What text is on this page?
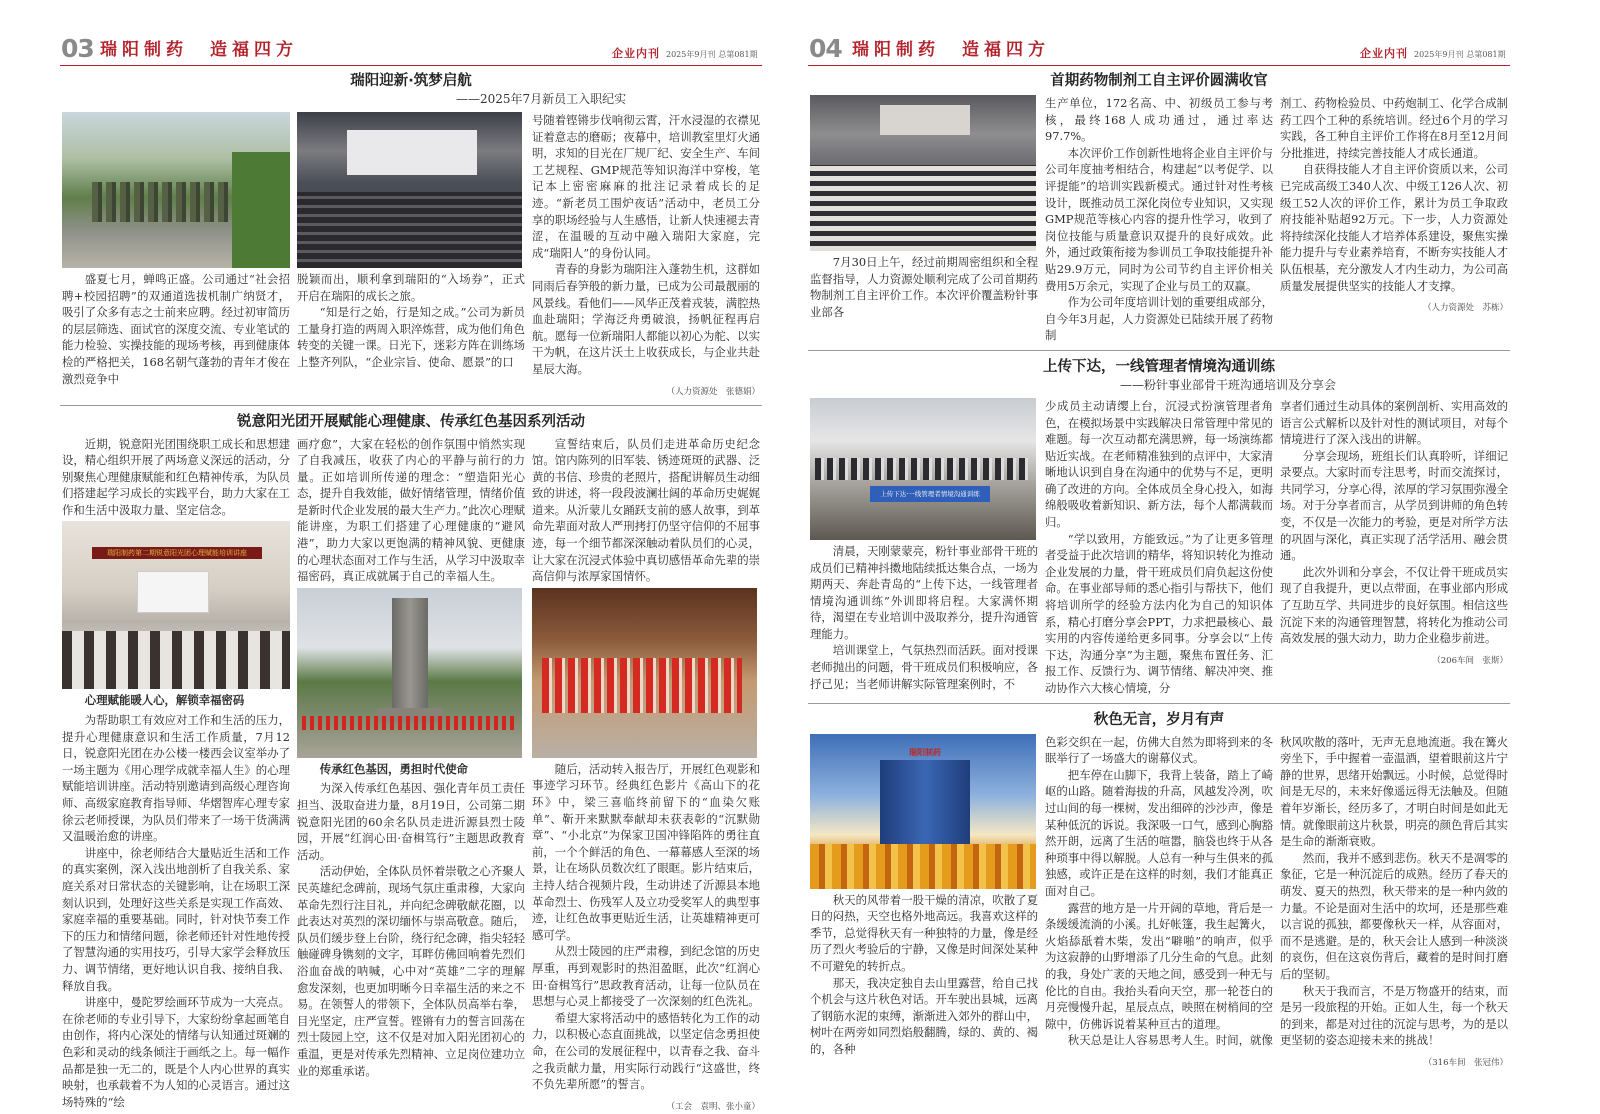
03 瑞阳制药　造福四方	企业内刊 2025年9月刊 总第081期
瑞阳迎新·筑梦启航
——2025年7月新员工入职纪实

盛夏七月，蝉鸣正盛。公司通过“社会招聘+校园招聘”的双通道选拔机制广纳贤才，吸引了众多有志之士前来应聘。经过初审简历的层层筛选、面试官的深度交流、专业笔试的能力检验、实操技能的现场考核，再到健康体检的严格把关，168名朝气蓬勃的青年才俊在激烈竞争中

脱颖而出，顺利拿到瑞阳的“入场券”，正式开启在瑞阳的成长之旅。

“知是行之始，行是知之成。”公司为新员工量身打造的两周入职淬炼营，成为他们角色转变的关键一课。日光下，迷彩方阵在训练场上整齐列队，“企业宗旨、使命、愿景”的口

号随着铿锵步伐响彻云霄，汗水浸湿的衣襟见证着意志的磨砺；夜幕中，培训教室里灯火通明，求知的目光在厂规厂纪、安全生产、车间工艺规程、GMP规范等知识海洋中穿梭，笔记本上密密麻麻的批注记录着成长的足迹。“新老员工围炉夜话”活动中，老员工分享的职场经验与人生感悟，让新人快速褪去青涩，在温暖的互动中融入瑞阳大家庭，完成“瑞阳人”的身份认同。

青春的身影为瑞阳注入蓬勃生机，这群如同雨后春笋般的新力量，已成为公司最靓丽的风景线。看他们——风华正茂着戎装，满腔热血赴瑞阳；学海泛舟勇破浪，扬帆征程再启航。愿每一位新瑞阳人都能以初心为舵、以实干为帆，在这片沃土上收获成长，与企业共赴星辰大海。

（人力资源处　张德娟）
锐意阳光团开展赋能心理健康、传承红色基因系列活动

近期，锐意阳光团围绕职工成长和思想建设，精心组织开展了两场意义深远的活动，分别聚焦心理健康赋能和红色精神传承，为队员们搭建起学习成长的实践平台，助力大家在工作和生活中汲取力量、坚定信念。

瑞阳制药第二期锐意阳光团心理赋能培训讲座
心理赋能暖人心，解锁幸福密码

为帮助职工有效应对工作和生活的压力，提升心理健康意识和生活工作质量，7月12日，锐意阳光团在办公楼一楼西会议室举办了一场主题为《用心理学成就幸福人生》的心理赋能培训讲座。活动特别邀请到高级心理咨询师、高级家庭教育指导师、华熠智库心理专家徐云老师授课，为队员们带来了一场干货满满又温暖治愈的讲座。

讲座中，徐老师结合大量贴近生活和工作的真实案例，深入浅出地剖析了自我关系、家庭关系对日常状态的关键影响，让在场职工深刻认识到，处理好这些关系是实现工作高效、家庭幸福的重要基础。同时，针对快节奏工作下的压力和情绪问题，徐老师还针对性地传授了智慧沟通的实用技巧，引导大家学会释放压力、调节情绪，更好地认识自我、接纳自我、释放自我。

讲座中，曼陀罗绘画环节成为一大亮点。在徐老师的专业引导下，大家纷纷拿起画笔自由创作，将内心深处的情绪与认知通过斑斓的色彩和灵动的线条倾注于画纸之上。每一幅作品都是独一无二的，既是个人内心世界的真实映射，也承载着不为人知的心灵语言。通过这场特殊的“绘

画疗愈”，大家在轻松的创作氛围中悄然实现了自我减压，收获了内心的平静与前行的力量。正如培训所传递的理念：“塑造阳光心态，提升自我效能，做好情绪管理，情绪价值是新时代企业发展的最大生产力。”此次心理赋能讲座，为职工们搭建了心理健康的“避风港”，助力大家以更饱满的精神风貌、更健康的心理状态面对工作与生活，从学习中汲取幸福密码，真正成就属于自己的幸福人生。

传承红色基因，勇担时代使命

为深入传承红色基因、强化青年员工责任担当、汲取奋进力量，8月19日，公司第二期锐意阳光团的60余名队员走进沂源县烈士陵园，开展“红润心田·奋楫笃行”主题思政教育活动。

活动伊始，全体队员怀着崇敬之心齐聚人民英雄纪念碑前，现场气氛庄重肃穆，大家向革命先烈行注目礼，并向纪念碑敬献花圈，以此表达对英烈的深切缅怀与崇高敬意。随后，队员们缓步登上台阶，绕行纪念碑，指尖轻轻触碰碑身镌刻的文字，耳畔仿佛回响着先烈们浴血奋战的呐喊，心中对“英雄”二字的理解愈发深刻，也更加明晰今日幸福生活的来之不易。在领誓人的带领下，全体队员高举右拳，目光坚定，庄严宣誓。铿锵有力的誓言回荡在烈士陵园上空，这不仅是对加入阳光团初心的重温，更是对传承先烈精神、立足岗位建功立业的郑重承诺。

宣誓结束后，队员们走进革命历史纪念馆。馆内陈列的旧军装、锈迹斑斑的武器、泛黄的书信、珍贵的老照片，搭配讲解员生动细致的讲述，将一段段波澜壮阔的革命历史娓娓道来。从沂蒙儿女踊跃支前的感人故事，到革命先辈面对敌人严刑拷打仍坚守信仰的不屈事迹，每一个细节都深深触动着队员们的心灵，让大家在沉浸式体验中真切感悟革命先辈的崇高信仰与浓厚家国情怀。

随后，活动转入报告厅，开展红色观影和事迹学习环节。经典红色影片《高山下的花环》中，梁三喜临终前留下的“血染欠账单”、靳开来默默奉献却未获表彰的“沉默勋章”、“小北京”为保家卫国冲锋陷阵的勇往直前，一个个鲜活的角色、一幕幕感人至深的场景，让在场队员数次红了眼眶。影片结束后，主持人结合视频片段，生动讲述了沂源县本地革命烈士、伤残军人及立功受奖军人的典型事迹，让红色故事更贴近生活，让英雄精神更可感可学。

从烈士陵园的庄严肃穆，到纪念馆的历史厚重，再到观影时的热泪盈眶，此次“红润心田·奋楫笃行”思政教育活动，让每一位队员在思想与心灵上都接受了一次深刻的红色洗礼。

希望大家将活动中的感悟转化为工作的动力，以积极心态直面挑战，以坚定信念勇担使命，在公司的发展征程中，以青春之我、奋斗之我贡献力量，用实际行动践行“这盛世，终不负先辈所愿”的誓言。

（工会　袁明、张小童）
04 瑞阳制药　造福四方	企业内刊 2025年9月刊 总第081期
首期药物制剂工自主评价圆满收官

7月30日上午，经过前期周密组织和全程监督指导，人力资源处顺利完成了公司首期药物制剂工自主评价工作。本次评价覆盖粉针事业部各

生产单位，172名高、中、初级员工参与考核，最终168人成功通过，通过率达97.7%。

本次评价工作创新性地将企业自主评价与公司年度抽考相结合，构建起“以考促学、以评提能”的培训实践新模式。通过针对性考核设计，既推动员工深化岗位专业知识，又实现GMP规范等核心内容的提升性学习，收到了岗位技能与质量意识双提升的良好成效。此外，通过政策衔接为参训员工争取技能提升补贴29.9万元，同时为公司节约自主评价相关费用5万余元，实现了企业与员工的双赢。

作为公司年度培训计划的重要组成部分，自今年3月起，人力资源处已陆续开展了药物制

剂工、药物检验员、中药炮制工、化学合成制药工四个工种的系统培训。经过6个月的学习实践，各工种自主评价工作将在8月至12月间分批推进，持续完善技能人才成长通道。

自获得技能人才自主评价资质以来，公司已完成高级工340人次、中级工126人次、初级工52人次的评价工作，累计为员工争取政府技能补贴超92万元。下一步，人力资源处将持续深化技能人才培养体系建设，聚焦实操能力提升与专业素养培育，不断夯实技能人才队伍根基，充分激发人才内生动力，为公司高质量发展提供坚实的技能人才支撑。

（人力资源处　苏栋）
上传下达，一线管理者情境沟通训练
——粉针事业部骨干班沟通培训及分享会
上传下达·一线管理者情境沟通训练

清晨，天刚蒙蒙亮，粉针事业部骨干班的成员们已精神抖擞地陆续抵达集合点，一场为期两天、奔赴青岛的“上传下达，一线管理者情境沟通训练”外训即将启程。大家满怀期待，渴望在专业培训中汲取养分，提升沟通管理能力。

培训课堂上，气氛热烈而活跃。面对授课老师抛出的问题，骨干班成员们积极响应，各抒己见；当老师讲解实际管理案例时，不

少成员主动请缨上台，沉浸式扮演管理者角色，在模拟场景中实践解决日常管理中常见的难题。每一次互动都充满思辨，每一场演练都贴近实战。在老师精准独到的点评中，大家清晰地认识到自身在沟通中的优势与不足，更明确了改进的方向。全体成员全身心投入，如海绵般吸收着新知识、新方法，每个人都满载而归。

“学以致用，方能致远。”为了让更多管理者受益于此次培训的精华，将知识转化为推动企业发展的力量，骨干班成员们肩负起这份使命。在事业部导师的悉心指引与帮扶下，他们将培训所学的经验方法内化为自己的知识体系，精心打磨分享会PPT，力求把最核心、最实用的内容传递给更多同事。分享会以“上传下达，沟通分享”为主题，聚焦布置任务、汇报工作、反馈行为、调节情绪、解决冲突、推动协作六大核心情境，分

享者们通过生动具体的案例剖析、实用高效的语言公式解析以及针对性的测试项目，对每个情境进行了深入浅出的讲解。

分享会现场，班组长们认真聆听，详细记录要点。大家时而专注思考，时而交流探讨，共同学习，分享心得，浓厚的学习氛围弥漫全场。对于分享者而言，从学员到讲师的角色转变，不仅是一次能力的考验，更是对所学方法的巩固与深化，真正实现了活学活用、融会贯通。

此次外训和分享会，不仅让骨干班成员实现了自我提升，更以点带面，在事业部内形成了互助互学、共同进步的良好氛围。相信这些沉淀下来的沟通管理智慧，将转化为推动公司高效发展的强大动力，助力企业稳步前进。

（206车间　张斯）
秋色无言，岁月有声
瑞阳制药

秋天的风带着一股干燥的清凉，吹散了夏日的闷热，天空也格外地高远。我喜欢这样的季节，总觉得秋天有一种独特的力量，像是经历了烈火考验后的宁静，又像是时间深处某种不可避免的转折点。

那天，我决定独自去山里露营，给自己找个机会与这片秋色对话。开车驶出县城，远离了钢筋水泥的束缚，渐渐进入郊外的群山中，树叶在两旁如同烈焰般翻腾，绿的、黄的、褐的，各种

色彩交织在一起，仿佛大自然为即将到来的冬眠举行了一场盛大的谢幕仪式。

把车停在山脚下，我背上装备，踏上了崎岖的山路。随着海拔的升高，风越发冷冽，吹过山间的每一棵树，发出细碎的沙沙声，像是某种低沉的诉说。我深吸一口气，感到心胸豁然开朗，远离了生活的喧嚣，脑袋也终于从各种琐事中得以解脱。人总有一种与生俱来的孤独感，或许正是在这样的时刻，我们才能真正面对自己。

露营的地方是一片开阔的草地，背后是一条缓缓流淌的小溪。扎好帐篷，我生起篝火，火焰舔舐着木柴，发出“噼啪”的响声，似乎为这寂静的山野增添了几分生命的气息。此刻的我，身处广袤的天地之间，感受到一种无与伦比的自由。我抬头看向天空，那一轮苍白的月亮慢慢升起，星辰点点，映照在树梢间的空隙中，仿佛诉说着某种亘古的道理。

秋天总是让人容易思考人生。时间，就像

秋风吹散的落叶，无声无息地流逝。我在篝火旁坐下，手中握着一壶温酒，望着眼前这片宁静的世界，思绪开始飘远。小时候，总觉得时间是无尽的，未来好像遥远得无法触及。但随着年岁渐长，经历多了，才明白时间是如此无情。就像眼前这片秋景，明亮的颜色背后其实是生命的渐渐衰败。

然而，我并不感到悲伤。秋天不是凋零的象征，它是一种沉淀后的成熟。经历了春天的萌发、夏天的热烈，秋天带来的是一种内敛的力量。不论是面对生活中的坎坷，还是那些难以言说的孤独，都要像秋天一样，从容面对，而不是逃避。是的，秋天会让人感到一种淡淡的哀伤，但在这哀伤背后，藏着的是时间打磨后的坚韧。

秋天于我而言，不是万物盛开的结束，而是另一段旅程的开始。正如人生，每一个秋天的到来，都是对过往的沉淀与思考，为的是以更坚韧的姿态迎接未来的挑战！

（316车间　张冠伟）
